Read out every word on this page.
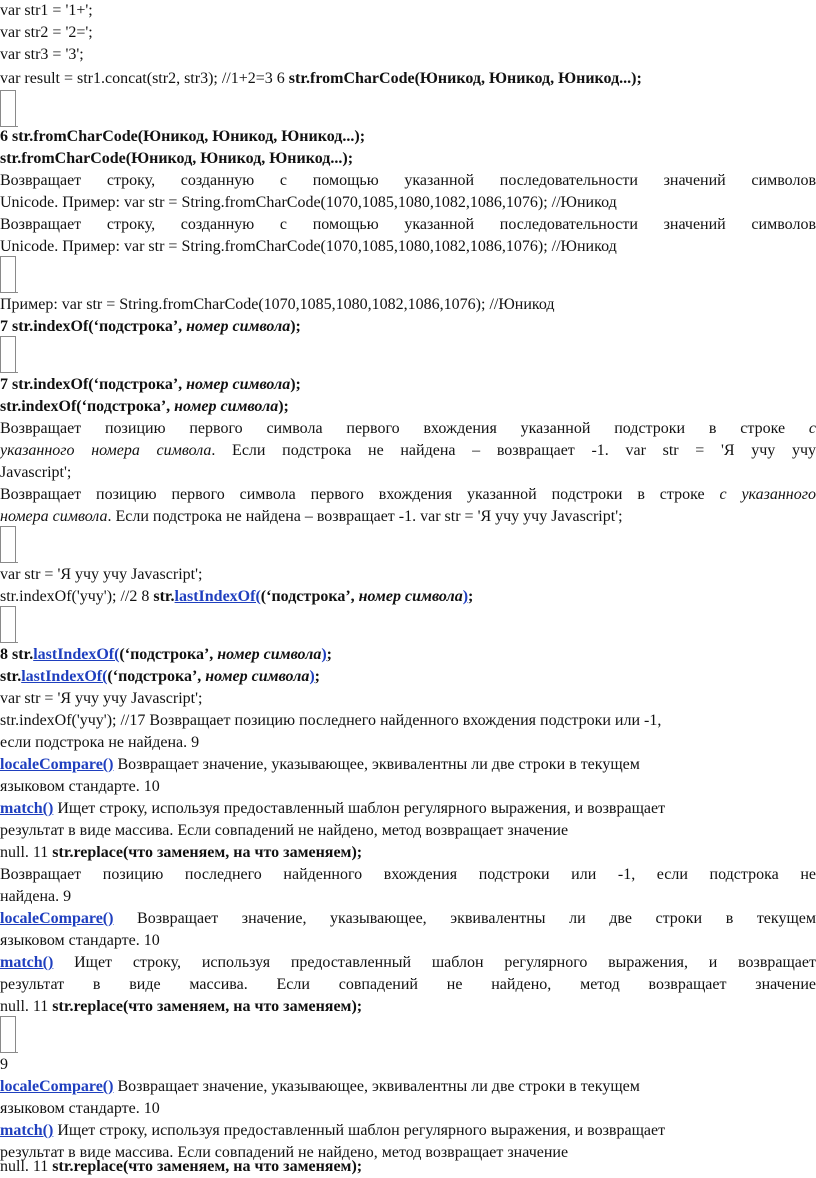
var str1 = '1+';
var str2 = '2=';
var str3 = '3';
var result = str1.concat(str2, str3); //1+2=3 6 str.fromCharCode(Юникод, Юникод, Юникод...);
6 str.fromCharCode(Юникод, Юникод, Юникод...);
str.fromCharCode(Юникод, Юникод, Юникод...);
Возвращает строку, созданную с помощью указанной последовательности значений символов
Unicode. Пример: var str = String.fromCharCode(1070,1085,1080,1082,1086,1076); //Юникод
Возвращает строку, созданную с помощью указанной последовательности значений символов
Unicode. Пример: var str = String.fromCharCode(1070,1085,1080,1082,1086,1076); //Юникод
Пример: var str = String.fromCharCode(1070,1085,1080,1082,1086,1076); //Юникод
7 str.indexOf(‘подстрока’, номер символа);
7 str.indexOf(‘подстрока’, номер символа);
str.indexOf(‘подстрока’, номер символа);
Возвращает позицию первого символа первого вхождения указанной подстроки в строке с
указанного номера символа. Если подстрока не найдена – возвращает -1. var str = 'Я учу учу
Javascript';
Возвращает позицию первого символа первого вхождения указанной подстроки в строке с указанного
номера символа. Если подстрока не найдена – возвращает -1. var str = 'Я учу учу Javascript';
var str = 'Я учу учу Javascript';
str.indexOf('учу'); //2 8 str.lastIndexOf((‘подстрока’, номер символа);
8 str.lastIndexOf((‘подстрока’, номер символа);
str.lastIndexOf((‘подстрока’, номер символа);
var str = 'Я учу учу Javascript';
str.indexOf('учу'); //17 Возвращает позицию последнего найденного вхождения подстроки или -1,
если подстрока не найдена. 9
localeCompare() Возвращает значение, указывающее, эквивалентны ли две строки в текущем
языковом стандарте. 10
match() Ищет строку, используя предоставленный шаблон регулярного выражения, и возвращает
результат в виде массива. Если совпадений не найдено, метод возвращает значение
null. 11 str.replace(что заменяем, на что заменяем);
Возвращает позицию последнего найденного вхождения подстроки или -1, если подстрока не
найдена. 9
localeCompare() Возвращает значение, указывающее, эквивалентны ли две строки в текущем
языковом стандарте. 10
match() Ищет строку, используя предоставленный шаблон регулярного выражения, и возвращает
результат в виде массива. Если совпадений не найдено, метод возвращает значение
null. 11 str.replace(что заменяем, на что заменяем);
9
localeCompare() Возвращает значение, указывающее, эквивалентны ли две строки в текущем
языковом стандарте. 10
match() Ищет строку, используя предоставленный шаблон регулярного выражения, и возвращает
результат в виде массива. Если совпадений не найдено, метод возвращает значение
null. 11 str.replace(что заменяем, на что заменяем);
